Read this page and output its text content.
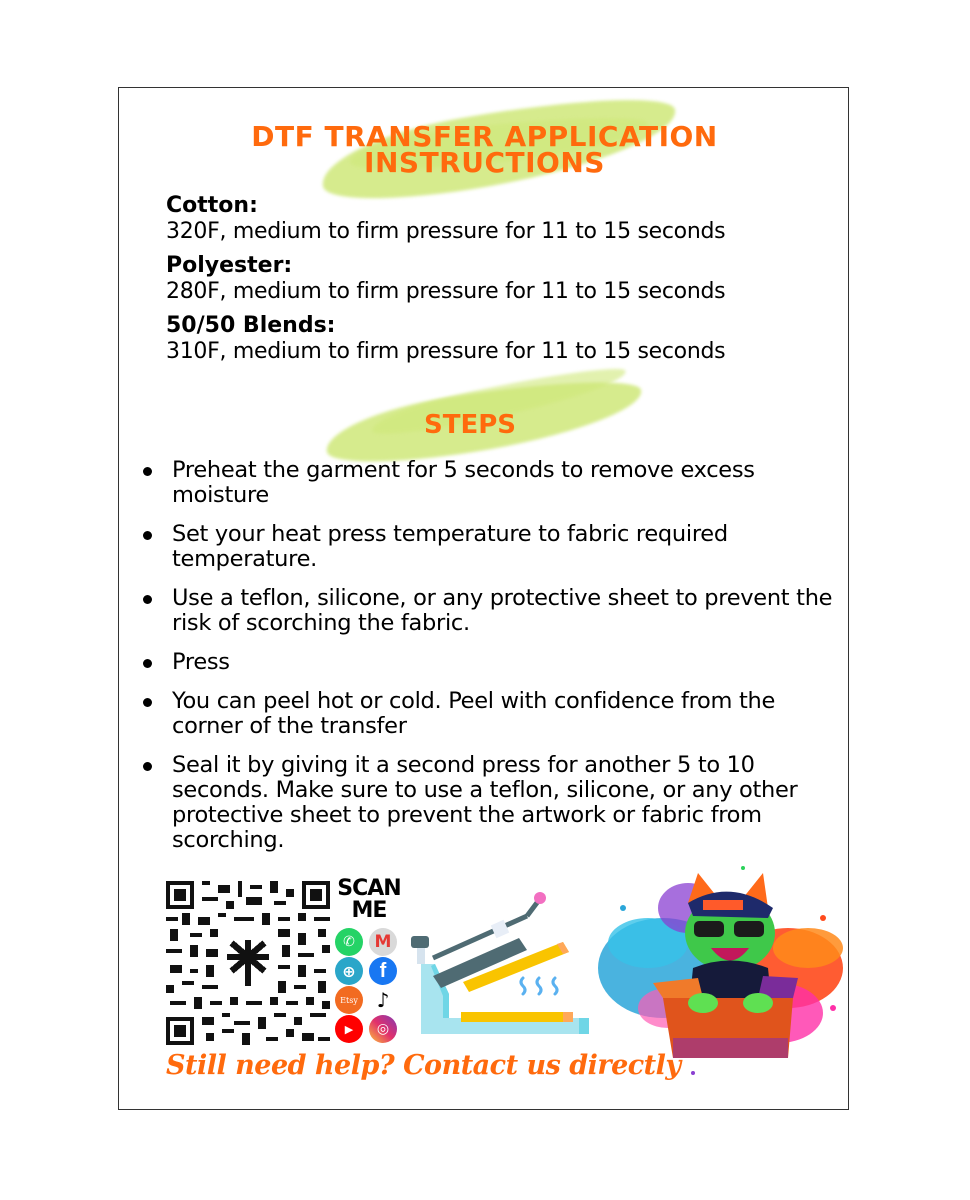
DTF TRANSFER APPLICATION
INSTRUCTIONS
Cotton:
320F, medium to firm pressure for 11 to 15 seconds
Polyester:
280F, medium to firm pressure for 11 to 15 seconds
50/50 Blends:
310F, medium to firm pressure for 11 to 15 seconds
STEPS
Preheat the garment for 5 seconds to remove excess moisture
Set your heat press temperature to fabric required temperature.
Use a teflon, silicone, or any protective sheet to prevent the risk of scorching the fabric.
Press
You can peel hot or cold. Peel with confidence from the corner of the transfer
Seal it by giving it a second press for another 5 to 10 seconds. Make sure to use a teflon, silicone, or any other protective sheet to prevent the artwork or fabric from scorching.
SCAN
ME
✆	M
⊕	f
Etsy ♪
▶	◎
Still need help? Contact us directly
